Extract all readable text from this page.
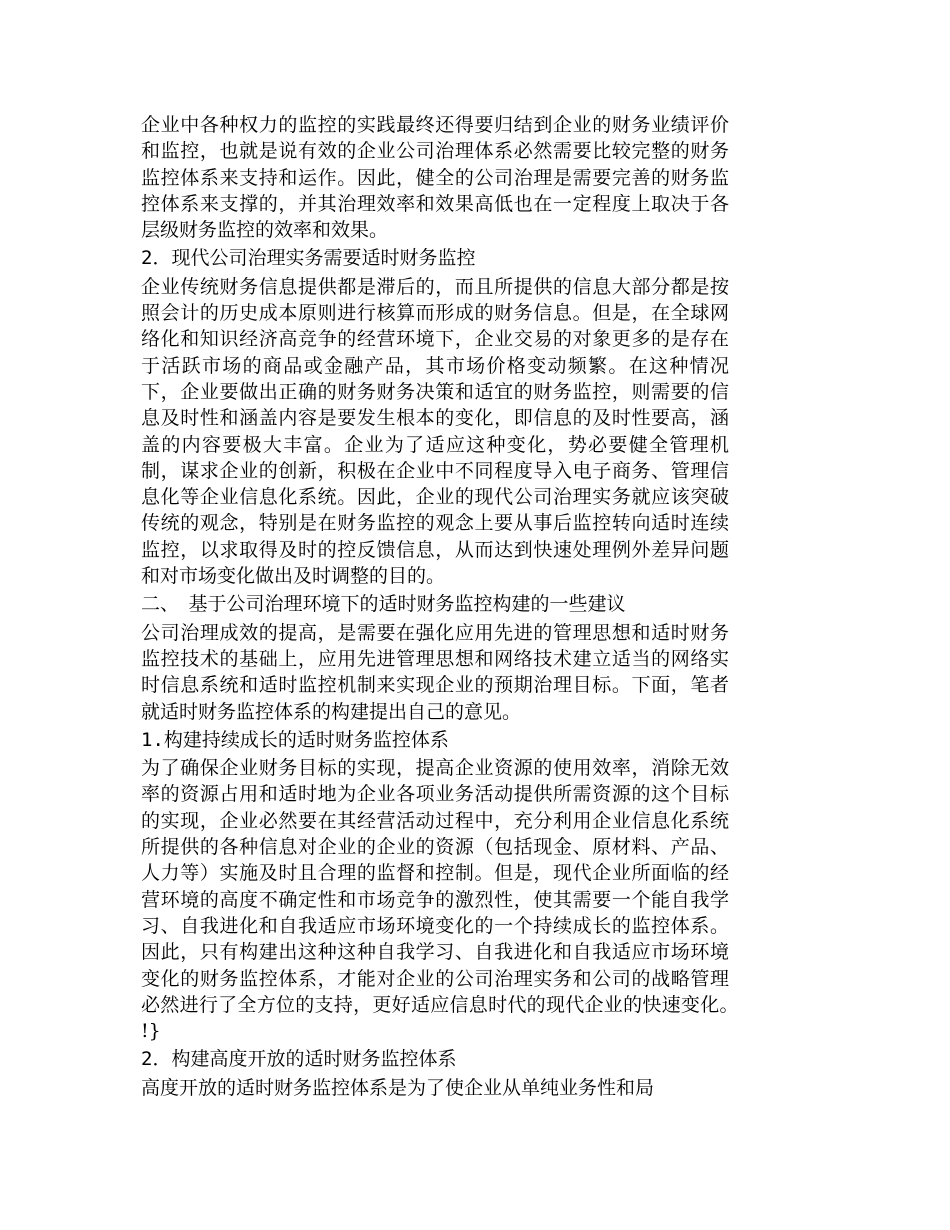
企业中各种权力的监控的实践最终还得要归结到企业的财务业绩评价和监控，也就是说有效的企业公司治理体系必然需要比较完整的财务监控体系来支持和运作。因此，健全的公司治理是需要完善的财务监控体系来支撑的，并其治理效率和效果高低也在一定程度上取决于各层级财务监控的效率和效果。

2．现代公司治理实务需要适时财务监控

企业传统财务信息提供都是滞后的，而且所提供的信息大部分都是按照会计的历史成本原则进行核算而形成的财务信息。但是，在全球网络化和知识经济高竞争的经营环境下，企业交易的对象更多的是存在于活跃市场的商品或金融产品，其市场价格变动频繁。在这种情况下，企业要做出正确的财务财务决策和适宜的财务监控，则需要的信息及时性和涵盖内容是要发生根本的变化，即信息的及时性要高，涵盖的内容要极大丰富。企业为了适应这种变化，势必要健全管理机制，谋求企业的创新，积极在企业中不同程度导入电子商务、管理信息化等企业信息化系统。因此，企业的现代公司治理实务就应该突破传统的观念，特别是在财务监控的观念上要从事后监控转向适时连续监控，以求取得及时的控反馈信息，从而达到快速处理例外差异问题和对市场变化做出及时调整的目的。

二、　基于公司治理环境下的适时财务监控构建的一些建议

公司治理成效的提高，是需要在强化应用先进的管理思想和适时财务监控技术的基础上，应用先进管理思想和网络技术建立适当的网络实时信息系统和适时监控机制来实现企业的预期治理目标。下面，笔者就适时财务监控体系的构建提出自己的意见。

1.构建持续成长的适时财务监控体系

为了确保企业财务目标的实现，提高企业资源的使用效率，消除无效率的资源占用和适时地为企业各项业务活动提供所需资源的这个目标的实现，企业必然要在其经营活动过程中，充分利用企业信息化系统所提供的各种信息对企业的企业的资源（包括现金、原材料、产品、人力等）实施及时且合理的监督和控制。但是，现代企业所面临的经营环境的高度不确定性和市场竞争的激烈性，使其需要一个能自我学习、自我进化和自我适应市场环境变化的一个持续成长的监控体系。因此，只有构建出这种这种自我学习、自我进化和自我适应市场环境变化的财务监控体系，才能对企业的公司治理实务和公司的战略管理必然进行了全方位的支持，更好适应信息时代的现代企业的快速变化。　!}

2．构建高度开放的适时财务监控体系

高度开放的适时财务监控体系是为了使企业从单纯业务性和局
